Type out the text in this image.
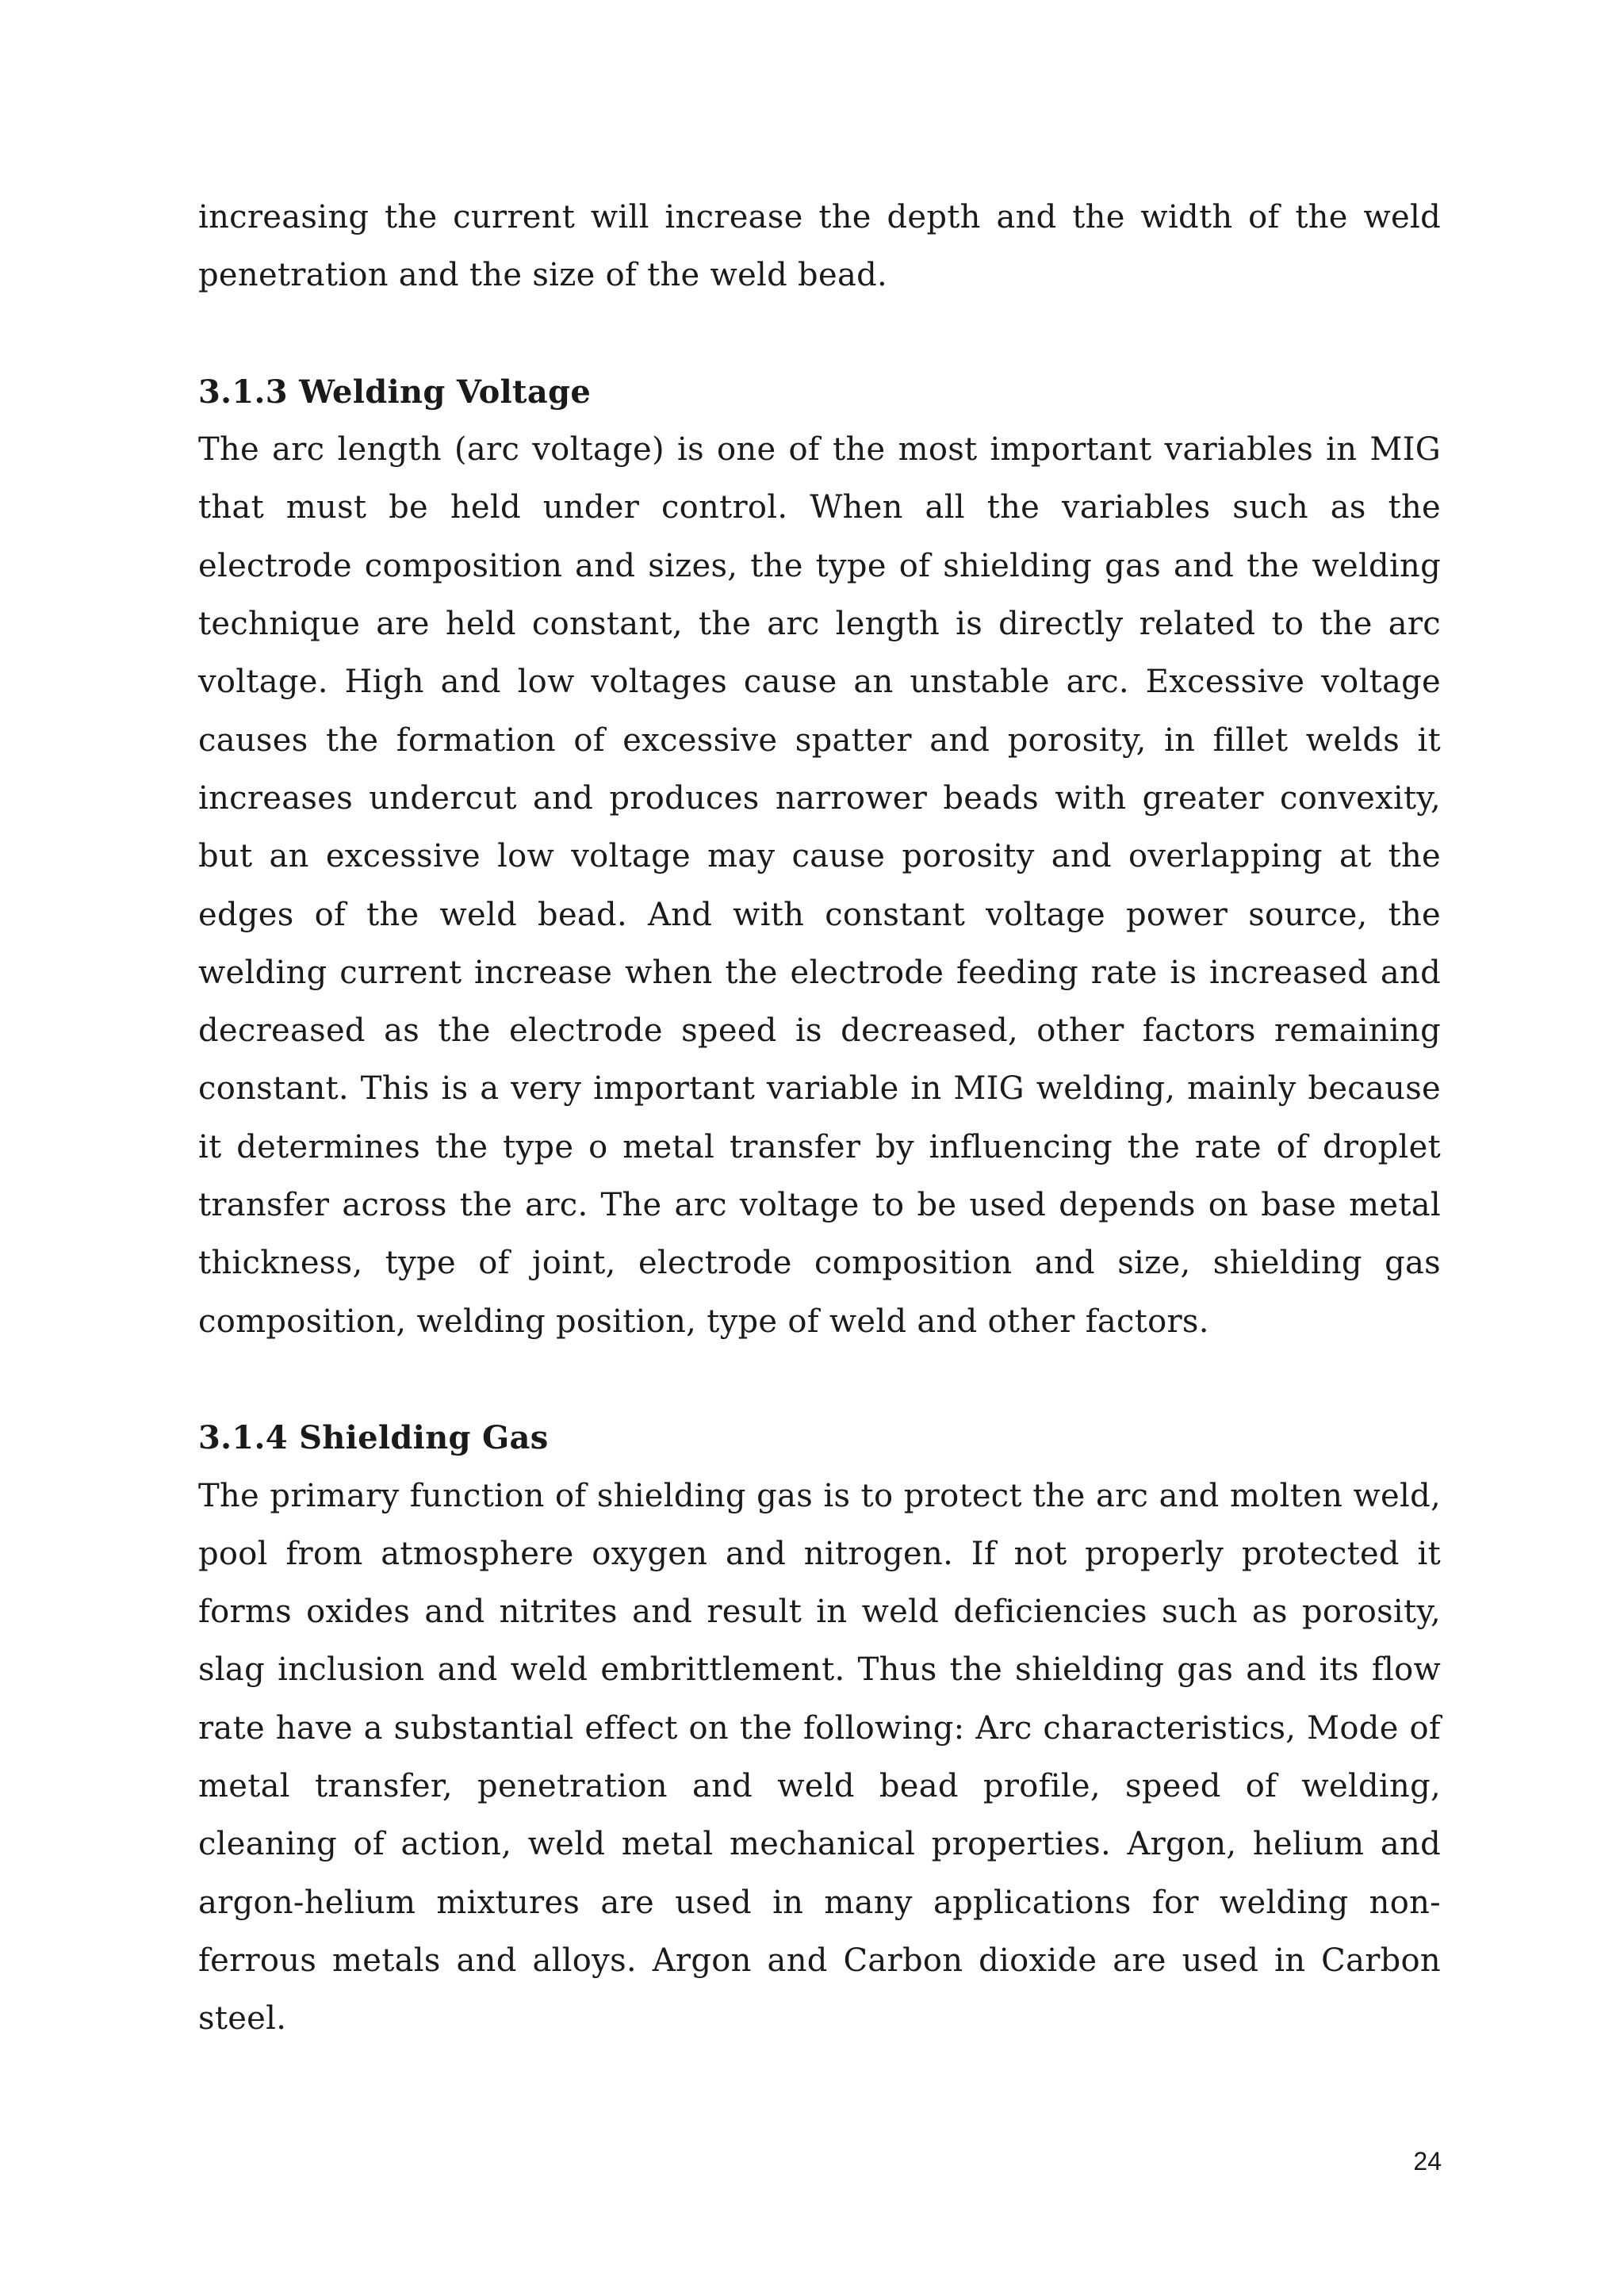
increasing the current will increase the depth and the width of the weld penetration and the size of the weld bead.

3.1.3 Welding Voltage

The arc length (arc voltage) is one of the most important variables in MIG that must be held under control. When all the variables such as the electrode composition and sizes, the type of shielding gas and the welding technique are held constant, the arc length is directly related to the arc voltage. High and low voltages cause an unstable arc. Excessive voltage causes the formation of excessive spatter and porosity, in fillet welds it increases undercut and produces narrower beads with greater convexity, but an excessive low voltage may cause porosity and overlapping at the edges of the weld bead. And with constant voltage power source, the welding current increase when the electrode feeding rate is increased and decreased as the electrode speed is decreased, other factors remaining constant. This is a very important variable in MIG welding, mainly because it determines the type o metal transfer by influencing the rate of droplet transfer across the arc. The arc voltage to be used depends on base metal thickness, type of joint, electrode composition and size, shielding gas composition, welding position, type of weld and other factors.

3.1.4 Shielding Gas

The primary function of shielding gas is to protect the arc and molten weld, pool from atmosphere oxygen and nitrogen. If not properly protected it forms oxides and nitrites and result in weld deficiencies such as porosity, slag inclusion and weld embrittlement. Thus the shielding gas and its flow rate have a substantial effect on the following: Arc characteristics, Mode of metal transfer, penetration and weld bead profile, speed of welding, cleaning of action, weld metal mechanical properties. Argon, helium and argon-helium mixtures are used in many applications for welding non-ferrous metals and alloys. Argon and Carbon dioxide are used in Carbon steel.

24
